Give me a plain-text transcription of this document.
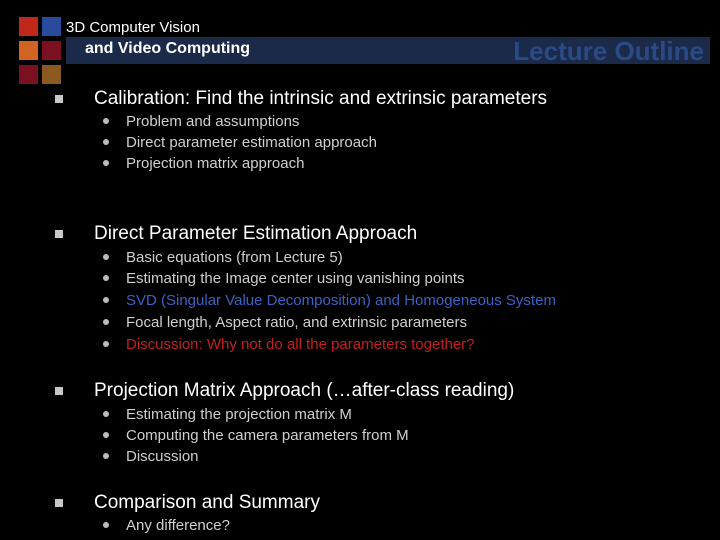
3D Computer Vision
and Video Computing	Lecture Outline
Calibration: Find the intrinsic and extrinsic parameters
Problem and assumptions
Direct parameter estimation approach
Projection matrix approach
Direct Parameter Estimation Approach
Basic equations (from Lecture 5)
Estimating the Image center using vanishing points
SVD (Singular Value Decomposition) and Homogeneous System
Focal length, Aspect ratio, and extrinsic parameters
Discussion: Why not do all the parameters together?
Projection Matrix Approach (…after-class reading)
Estimating the projection matrix M
Computing the camera parameters from M
Discussion
Comparison and Summary
Any difference?
